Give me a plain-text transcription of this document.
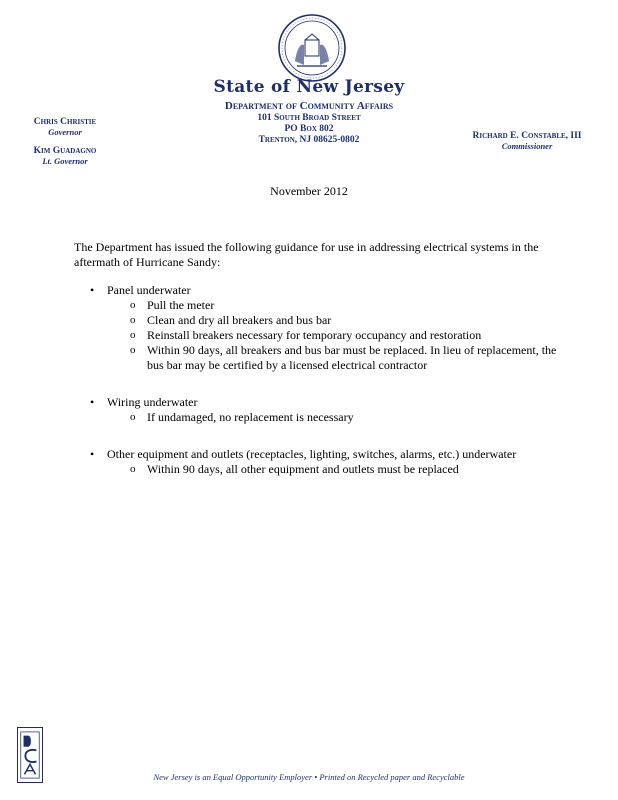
State of New Jersey
Department of Community Affairs
101 South Broad Street
PO Box 802
Trenton, NJ 08625-0802
Chris Christie
Governor
Kim Guadagno
Lt. Governor
Richard E. Constable, III
Commissioner
November 2012
The Department has issued the following guidance for use in addressing electrical systems in the aftermath of Hurricane Sandy:
• Panel underwater
o Pull the meter
o Clean and dry all breakers and bus bar
o Reinstall breakers necessary for temporary occupancy and restoration
o Within 90 days, all breakers and bus bar must be replaced. In lieu of replacement, the bus bar may be certified by a licensed electrical contractor
• Wiring underwater
o If undamaged, no replacement is necessary
• Other equipment and outlets (receptacles, lighting, switches, alarms, etc.) underwater
o Within 90 days, all other equipment and outlets must be replaced
New Jersey is an Equal Opportunity Employer • Printed on Recycled paper and Recyclable
